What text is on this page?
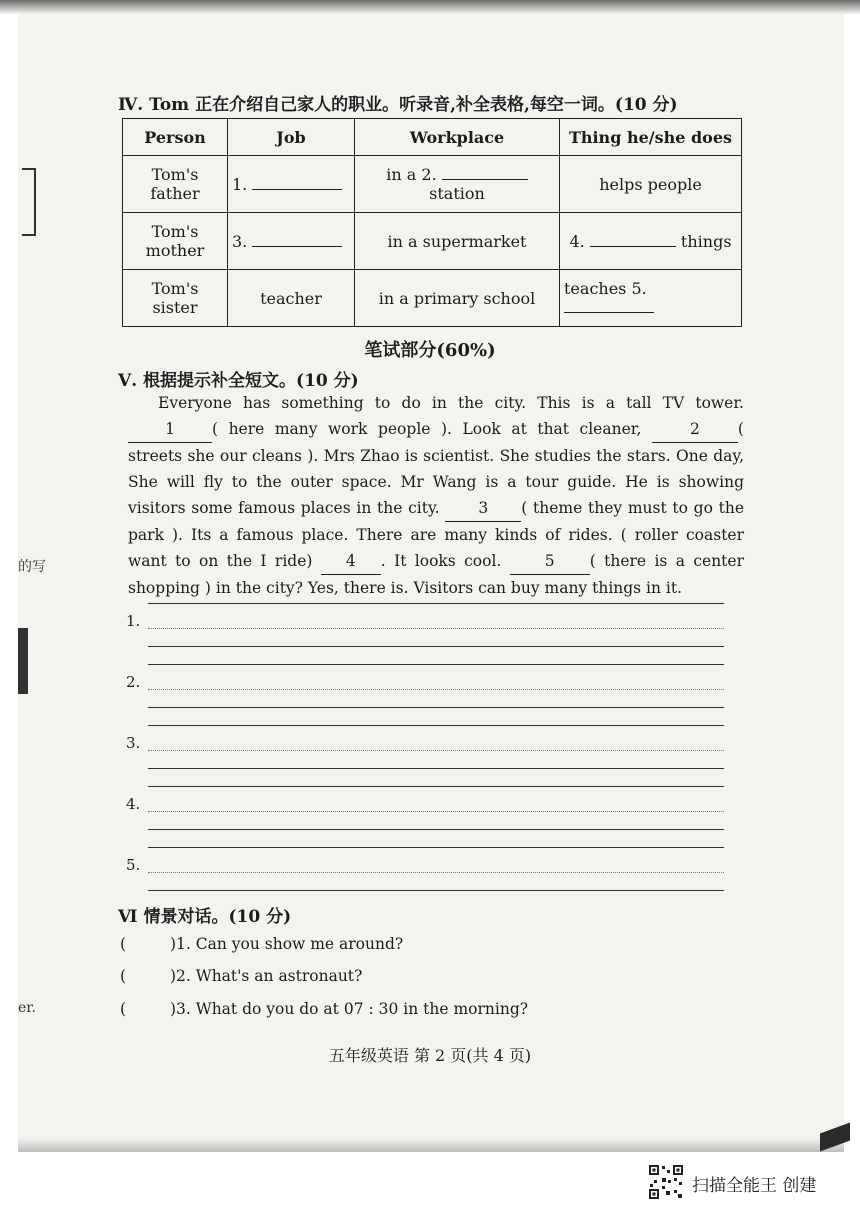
的写
er.
Ⅳ. Tom 正在介绍自己家人的职业。听录音,补全表格,每空一词。(10 分)
Person	Job	Workplace	Thing he/she does
Tom's father	1.	in a 2.  station	helps people
Tom's mother	3.	in a supermarket	4. things
Tom's sister	teacher	in a primary school	teaches 5.
笔试部分(60%)
Ⅴ. 根据提示补全短文。(10 分)

Everyone has something to do in the city. This is a tall TV tower. 1 ( here many work people ). Look at that cleaner,	2 ( streets she our cleans ). Mrs Zhao is scientist. She studies the stars. One day, She will fly to the outer space. Mr Wang is a tour guide. He is showing visitors some famous places in the city.	3 ( theme they must to go the park ). Its a famous place. There are many kinds of rides. ( roller coaster want to on the I ride) 4 . It looks cool.	5 ( there is a center shopping ) in the city? Yes, there is. Visitors can buy many things in it.

1.
2.
3.
4.
5.
Ⅵ 情景对话。(10 分)
(	)1. Can you show me around?
(	)2. What's an astronaut?
(	)3. What do you do at 07 : 30 in the morning?
五年级英语 第 2 页(共 4 页)
扫描全能王 创建
